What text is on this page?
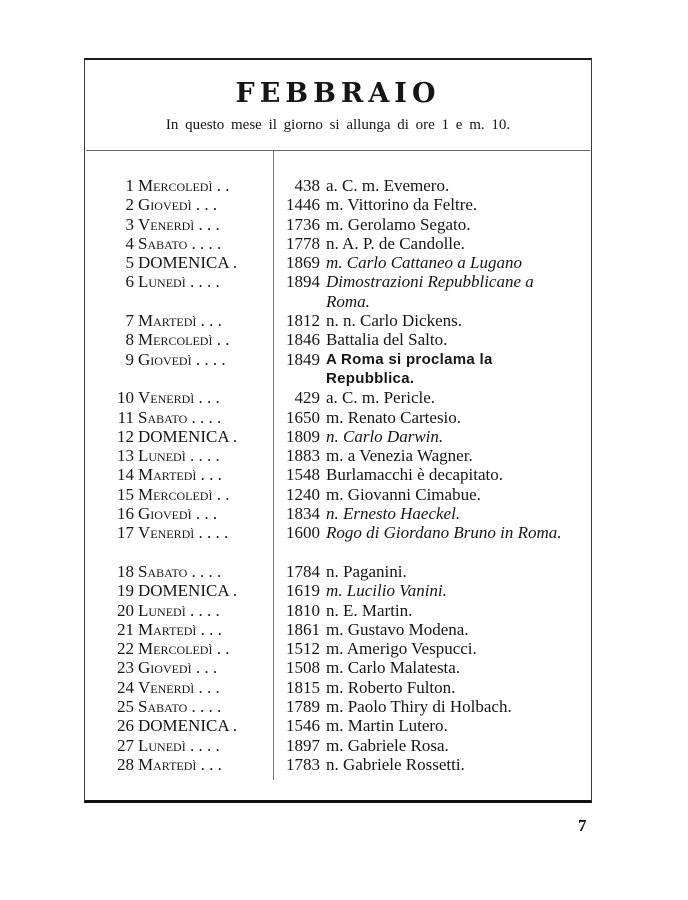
FEBBRAIO
In questo mese il giorno si allunga di ore 1 e m. 10.
1 Mercoledì . .	438 a. C. m. Evemero.
2 Giovedì . . .	1446 m. Vittorino da Feltre.
3 Venerdì . . .	1736 m. Gerolamo Segato.
4 Sabato . . . .	1778 n. A. P. de Candolle.
5 DOMENICA .	1869 m. Carlo Cattaneo a Lugano
6 Lunedì . . . .	1894 Dimostrazioni Repubblicane a Roma.
7 Martedì . . .	1812 n. n. Carlo Dickens.
8 Mercoledì . .	1846 Battalia del Salto.
9 Giovedì . . . .	1849 A Roma si proclama la Repubblica.
10 Venerdì . . .	429 a. C. m. Pericle.
11 Sabato . . . .	1650 m. Renato Cartesio.
12 DOMENICA .	1809 n. Carlo Darwin.
13 Lunedì . . . .	1883 m. a Venezia Wagner.
14 Martedì . . .	1548 Burlamacchi è decapitato.
15 Mercoledì . .	1240 m. Giovanni Cimabue.
16 Giovedì . . .	1834 n. Ernesto Haeckel.
17 Venerdì . . . .	1600 Rogo di Giordano Bruno in Roma.
18 Sabato . . . .	1784 n. Paganini.
19 DOMENICA .	1619 m. Lucilio Vanini.
20 Lunedì . . . .	1810 n. E. Martin.
21 Martedì . . .	1861 m. Gustavo Modena.
22 Mercoledì . .	1512 m. Amerigo Vespucci.
23 Giovedì . . .	1508 m. Carlo Malatesta.
24 Venerdì . . .	1815 m. Roberto Fulton.
25 Sabato . . . .	1789 m. Paolo Thiry di Holbach.
26 DOMENICA .	1546 m. Martin Lutero.
27 Lunedì . . . .	1897 m. Gabriele Rosa.
28 Martedì . . .	1783 n. Gabriele Rossetti.
7
